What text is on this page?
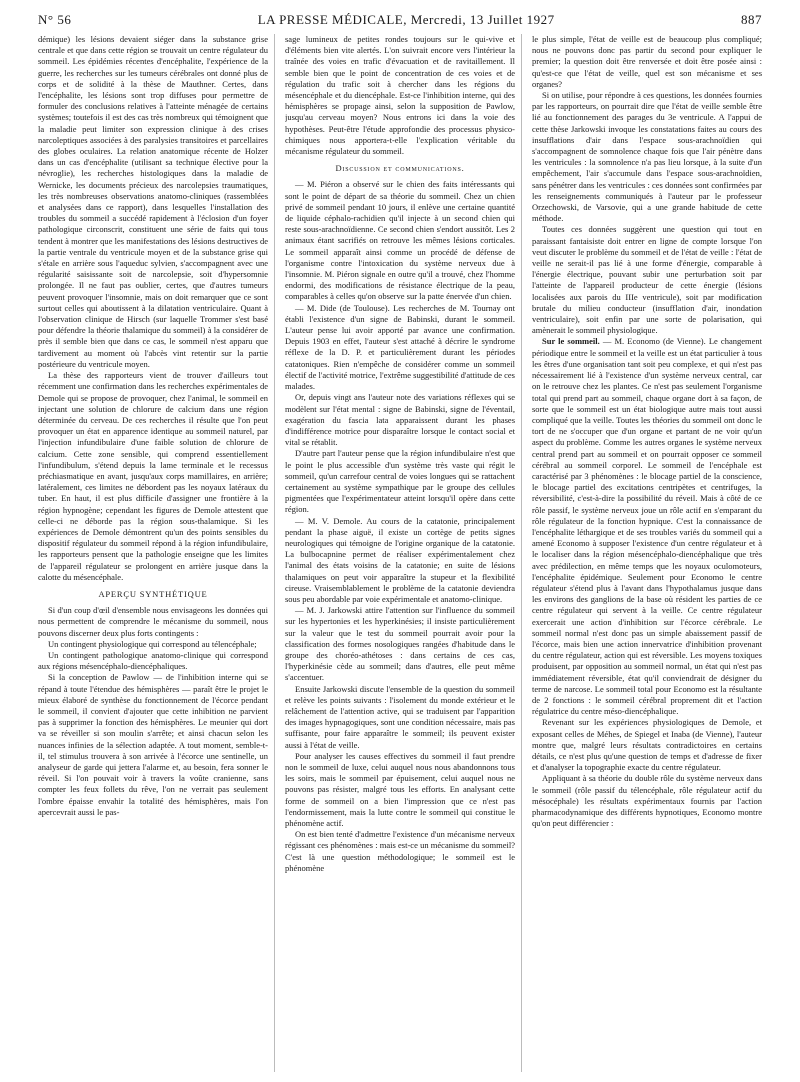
N° 56	LA PRESSE MÉDICALE, Mercredi, 13 Juillet 1927	887

démique) les lésions devaient siéger dans la substance grise centrale et que dans cette région se trouvait un centre régulateur du sommeil. Les épidémies récentes d'encéphalite, l'expérience de la guerre, les recherches sur les tumeurs cérébrales ont donné plus de corps et de solidité à la thèse de Mauthner. Certes, dans l'encéphalite, les lésions sont trop diffuses pour permettre de formuler des conclusions relatives à l'atteinte ménagée de certains systèmes; toutefois il est des cas très nombreux qui témoignent que la maladie peut limiter son expression clinique à des crises narcoleptiques associées à des paralysies transitoires et parcellaires des globes oculaires. La relation anatomique récente de Holzer dans un cas d'encéphalite (utilisant sa technique élective pour la névroglie), les recherches histologiques dans la maladie de Wernicke, les documents précieux des narcolepsies traumatiques, les très nombreuses observations anatomo-cliniques (rassemblées et analysées dans ce rapport), dans lesquelles l'installation des troubles du sommeil a succédé rapidement à l'éclosion d'un foyer pathologique circonscrit, constituent une série de faits qui tous tendent à montrer que les manifestations des lésions destructives de la partie ventrale du ventricule moyen et de la substance grise qui s'étale en arrière sous l'aqueduc sylvien, s'accompagnent avec une régularité saisissante soit de narcolepsie, soit d'hypersomnie prolongée. Il ne faut pas oublier, certes, que d'autres tumeurs peuvent provoquer l'insomnie, mais on doit remarquer que ce sont surtout celles qui aboutissent à la dilatation ventriculaire. Quant à l'observation clinique de Hirsch (sur laquelle Trommer s'est basé pour défendre la théorie thalamique du sommeil) à la considérer de près il semble bien que dans ce cas, le sommeil n'est apparu que tardivement au moment où l'abcès vint retentir sur la partie postérieure du ventricule moyen.

La thèse des rapporteurs vient de trouver d'ailleurs tout récemment une confirmation dans les recherches expérimentales de Demole qui se propose de provoquer, chez l'animal, le sommeil en injectant une solution de chlorure de calcium dans une région déterminée du cerveau. De ces recherches il résulte que l'on peut provoquer un état en apparence identique au sommeil naturel, par l'injection infundibulaire d'une faible solution de chlorure de calcium. Cette zone sensible, qui comprend essentiellement l'infundibulum, s'étend depuis la lame terminale et le recessus préchiasmatique en avant, jusqu'aux corps mamillaires, en arrière; latéralement, ces limites ne débordent pas les noyaux latéraux du tuber. En haut, il est plus difficile d'assigner une frontière à la région hypnogène; cependant les figures de Demole attestent que celle-ci ne déborde pas la région sous-thalamique. Si les expériences de Demole démontrent qu'un des points sensibles du dispositif régulateur du sommeil répond à la région infundibulaire, les rapporteurs pensent que la pathologie enseigne que les limites de l'appareil régulateur se prolongent en arrière jusque dans la calotte du mésencéphale.

APERÇU SYNTHÉTIQUE

Si d'un coup d'œil d'ensemble nous envisageons les données qui nous permettent de comprendre le mécanisme du sommeil, nous pouvons discerner deux plus forts contingents :

Un contingent physiologique qui correspond au télencéphale;

Un contingent pathologique anatomo-clinique qui correspond aux régions mésencéphalo-diencéphaliques.

Si la conception de Pawlow — de l'inhibition interne qui se répand à toute l'étendue des hémisphères — paraît être le projet le mieux élaboré de synthèse du fonctionnement de l'écorce pendant le sommeil, il convient d'ajouter que cette inhibition ne parvient pas à supprimer la fonction des hémisphères. Le meunier qui dort va se réveiller si son moulin s'arrête; et ainsi chacun selon les nuances infinies de la sélection adaptée. A tout moment, semble-t-il, tel stimulus trouvera à son arrivée à l'écorce une sentinelle, un analyseur de garde qui jettera l'alarme et, au besoin, fera sonner le réveil. Si l'on pouvait voir à travers la voûte cranienne, sans compter les feux follets du rêve, l'on ne verrait pas seulement l'ombre épaisse envahir la totalité des hémisphères, mais l'on apercevrait aussi le pas-

sage lumineux de petites rondes toujours sur le qui-vive et d'éléments bien vite alertés. L'on suivrait encore vers l'intérieur la traînée des voies en trafic d'évacuation et de ravitaillement. Il semble bien que le point de concentration de ces voies et de régulation du trafic soit à chercher dans les régions du mésencéphale et du diencéphale. Est-ce l'inhibition interne, qui des hémisphères se propage ainsi, selon la supposition de Pawlow, jusqu'au cerveau moyen? Nous entrons ici dans la voie des hypothèses. Peut-être l'étude approfondie des processus physico-chimiques nous apportera-t-elle l'explication véritable du mécanisme régulateur du sommeil.

Discussion et communications.

— M. Piéron a observé sur le chien des faits intéressants qui sont le point de départ de sa théorie du sommeil. Chez un chien privé de sommeil pendant 10 jours, il enlève une certaine quantité de liquide céphalo-rachidien qu'il injecte à un second chien qui reste sous-arachnoïdienne. Ce second chien s'endort aussitôt. Les 2 animaux étant sacrifiés on retrouve les mêmes lésions corticales. Le sommeil apparaît ainsi comme un procédé de défense de l'organisme contre l'intoxication du système nerveux due à l'insomnie. M. Piéron signale en outre qu'il a trouvé, chez l'homme endormi, des modifications de résistance électrique de la peau, comparables à celles qu'on observe sur la patte énervée d'un chien.

— M. Dide (de Toulouse). Les recherches de M. Tournay ont établi l'existence d'un signe de Babinski, durant le sommeil. L'auteur pense lui avoir apporté par avance une confirmation. Depuis 1903 en effet, l'auteur s'est attaché à décrire le syndrome réflexe de la D. P. et particulièrement durant les périodes catatoniques. Rien n'empêche de considérer comme un sommeil électif de l'activité motrice, l'extrême suggestibilité d'attitude de ces malades.

Or, depuis vingt ans l'auteur note des variations réflexes qui se modèlent sur l'état mental : signe de Babinski, signe de l'éventail, exagération du fascia lata apparaissent durant les phases d'indifférence motrice pour disparaître lorsque le contact social et vital se rétablit.

D'autre part l'auteur pense que la région infundibulaire n'est que le point le plus accessible d'un système très vaste qui régit le sommeil, qu'un carrefour central de voies longues qui se rattachent certainement au système sympathique par le groupe des cellules pigmentées que l'expérimentateur atteint lorsqu'il opère dans cette région.

— M. V. Demole. Au cours de la catatonie, principalement pendant la phase aiguë, il existe un cortège de petits signes neurologiques qui témoigne de l'origine organique de la catatonie. La bulbocapnine permet de réaliser expérimentalement chez l'animal des états voisins de la catatonie; en suite de lésions thalamiques on peut voir apparaître la stupeur et la flexibilité cireuse. Vraisemblablement le problème de la catatonie deviendra sous peu abordable par voie expérimentale et anatomo-clinique.

— M. J. Jarkowski attire l'attention sur l'influence du sommeil sur les hypertonies et les hyperkinésies; il insiste particulièrement sur la valeur que le test du sommeil pourrait avoir pour la classification des formes nosologiques rangées d'habitude dans le groupe des choréo-athétoses : dans certains de ces cas, l'hyperkinésie cède au sommeil; dans d'autres, elle peut même s'accentuer.

Ensuite Jarkowski discute l'ensemble de la question du sommeil et relève les points suivants : l'isolement du monde extérieur et le relâchement de l'attention active, qui se traduisent par l'apparition des images hypnagogiques, sont une condition nécessaire, mais pas suffisante, pour faire apparaître le sommeil; ils peuvent exister aussi à l'état de veille.

Pour analyser les causes effectives du sommeil il faut prendre non le sommeil de luxe, celui auquel nous nous abandonnons tous les soirs, mais le sommeil par épuisement, celui auquel nous ne pouvons pas résister, malgré tous les efforts. En analysant cette forme de sommeil on a bien l'impression que ce n'est pas l'endormissement, mais la lutte contre le sommeil qui constitue le phénomène actif.

On est bien tenté d'admettre l'existence d'un mécanisme nerveux régissant ces phénomènes : mais est-ce un mécanisme du sommeil? C'est là une question méthodologique; le sommeil est le phénomène

le plus simple, l'état de veille est de beaucoup plus compliqué; nous ne pouvons donc pas partir du second pour expliquer le premier; la question doit être renversée et doit être posée ainsi : qu'est-ce que l'état de veille, quel est son mécanisme et ses organes?

Si on utilise, pour répondre à ces questions, les données fournies par les rapporteurs, on pourrait dire que l'état de veille semble être lié au fonctionnement des parages du 3e ventricule. A l'appui de cette thèse Jarkowski invoque les constatations faites au cours des insufflations d'air dans l'espace sous-arachnoïdien qui s'accompagnent de somnolence chaque fois que l'air pénètre dans les ventricules : la somnolence n'a pas lieu lorsque, à la suite d'un empêchement, l'air s'accumule dans l'espace sous-arachnoïdien, sans pénétrer dans les ventricules : ces données sont confirmées par les renseignements communiqués à l'auteur par le professeur Orzechowski, de Varsovie, qui a une grande habitude de cette méthode.

Toutes ces données suggèrent une question qui tout en paraissant fantaisiste doit entrer en ligne de compte lorsque l'on veut discuter le problème du sommeil et de l'état de veille : l'état de veille ne serait-il pas lié à une forme d'énergie, comparable à l'énergie électrique, pouvant subir une perturbation soit par l'atteinte de l'appareil producteur de cette énergie (lésions localisées aux parois du IIIe ventricule), soit par modification brutale du milieu conducteur (insufflation d'air, inondation ventriculaire), soit enfin par une sorte de polarisation, qui amènerait le sommeil physiologique.

Sur le sommeil. — M. Economo (de Vienne). Le changement périodique entre le sommeil et la veille est un état particulier à tous les êtres d'une organisation tant soit peu complexe, et qui n'est pas nécessairement lié à l'existence d'un système nerveux central, car on le retrouve chez les plantes. Ce n'est pas seulement l'organisme total qui prend part au sommeil, chaque organe dort à sa façon, de sorte que le sommeil est un état biologique autre mais tout aussi compliqué que la veille. Toutes les théories du sommeil ont donc le tort de ne s'occuper que d'un organe et partant de ne voir qu'un aspect du problème. Comme les autres organes le système nerveux central prend part au sommeil et on pourrait opposer ce sommeil cérébral au sommeil corporel. Le sommeil de l'encéphale est caractérisé par 3 phénomènes : le blocage partiel de la conscience, le blocage partiel des excitations centripètes et centrifuges, la réversibilité, c'est-à-dire la possibilité du réveil. Mais à côté de ce rôle passif, le système nerveux joue un rôle actif en s'emparant du rôle régulateur de la fonction hypnique. C'est la connaissance de l'encéphalite léthargique et de ses troubles variés du sommeil qui a amené Economo à supposer l'existence d'un centre régulateur et à le localiser dans la région mésencéphalo-diencéphalique que très avec prédilection, en même temps que les noyaux oculomoteurs, l'encéphalite épidémique. Seulement pour Economo le centre régulateur s'étend plus à l'avant dans l'hypothalamus jusque dans les environs des ganglions de la base où résident les parties de ce centre régulateur qui servent à la veille. Ce centre régulateur exercerait une action d'inhibition sur l'écorce cérébrale. Le sommeil normal n'est donc pas un simple abaissement passif de l'écorce, mais bien une action innervatrice d'inhibition provenant du centre régulateur, action qui est réversible. Les moyens toxiques produisent, par opposition au sommeil normal, un état qui n'est pas immédiatement réversible, état qu'il conviendrait de désigner du terme de narcose. Le sommeil total pour Economo est la résultante de 2 fonctions : le sommeil cérébral proprement dit et l'action régulatrice du centre méso-diencéphalique.

Revenant sur les expériences physiologiques de Demole, et exposant celles de Méhes, de Spiegel et Inaba (de Vienne), l'auteur montre que, malgré leurs résultats contradictoires en certains détails, ce n'est plus qu'une question de temps et d'adresse de fixer et d'analyser la topographie exacte du centre régulateur.

Appliquant à sa théorie du double rôle du système nerveux dans le sommeil (rôle passif du télencéphale, rôle régulateur actif du mésocéphale) les résultats expérimentaux fournis par l'action pharmacodynamique des différents hypnotiques, Economo montre qu'on peut différencier :
